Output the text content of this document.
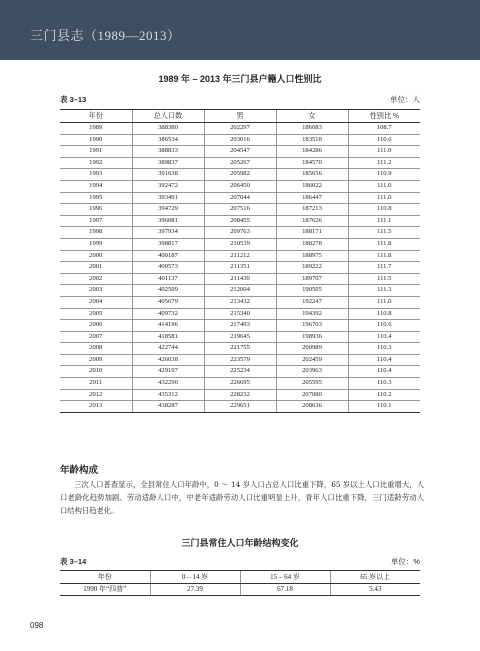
三门县志（1989—2013）
1989 年 – 2013 年三门县户籍人口性别比
表 3–13	单位：人
年份	总人口数	男	女	性别比 %
1989	388380	202297	186083	108.7
1990	386534	203016	183518	110.6
1991	388833	204547	184286	111.0
1992	389837	205267	184570	111.2
1993	391638	205982	185656	110.9
1994	392472	206450	186022	111.0
1995	393491	207044	186447	111.0
1996	394729	207516	187213	110.8
1997	396081	208455	187626	111.1
1998	397934	209763	188171	111.5
1999	398817	210539	188278	111.8
2000	400187	211212	188975	111.8
2001	400573	211351	189222	111.7
2002	401137	211430	189707	111.5
2003	402509	212004	190505	111.3
2004	405679	213432	192247	111.0
2005	409732	215340	194392	110.8
2006	414196	217493	196703	110.6
2007	418581	219645	198936	110.4
2008	422744	221755	200989	110.3
2009	426038	223579	202459	110.4
2010	429197	225234	203963	110.4
2011	432290	226695	205595	110.3
2012	435312	228232	207080	110.2
2013	438287	229651	208636	110.1
年龄构成
三次人口普查显示，全县常住人口年龄中，0 ～ 14 岁人口占总人口比重下降，65 岁以上人口比重增大，人口老龄化趋势加剧。劳动适龄人口中，中老年适龄劳动人口比重明显上升，青年人口比重下降，三门适龄劳动人口结构日趋老化。
三门县常住人口年龄结构变化
表 3–14	单位：%
年份	0 – 14 岁	15 – 64 岁	65 岁以上
1990 年“四普”	27.39	67.18	5.43
098
